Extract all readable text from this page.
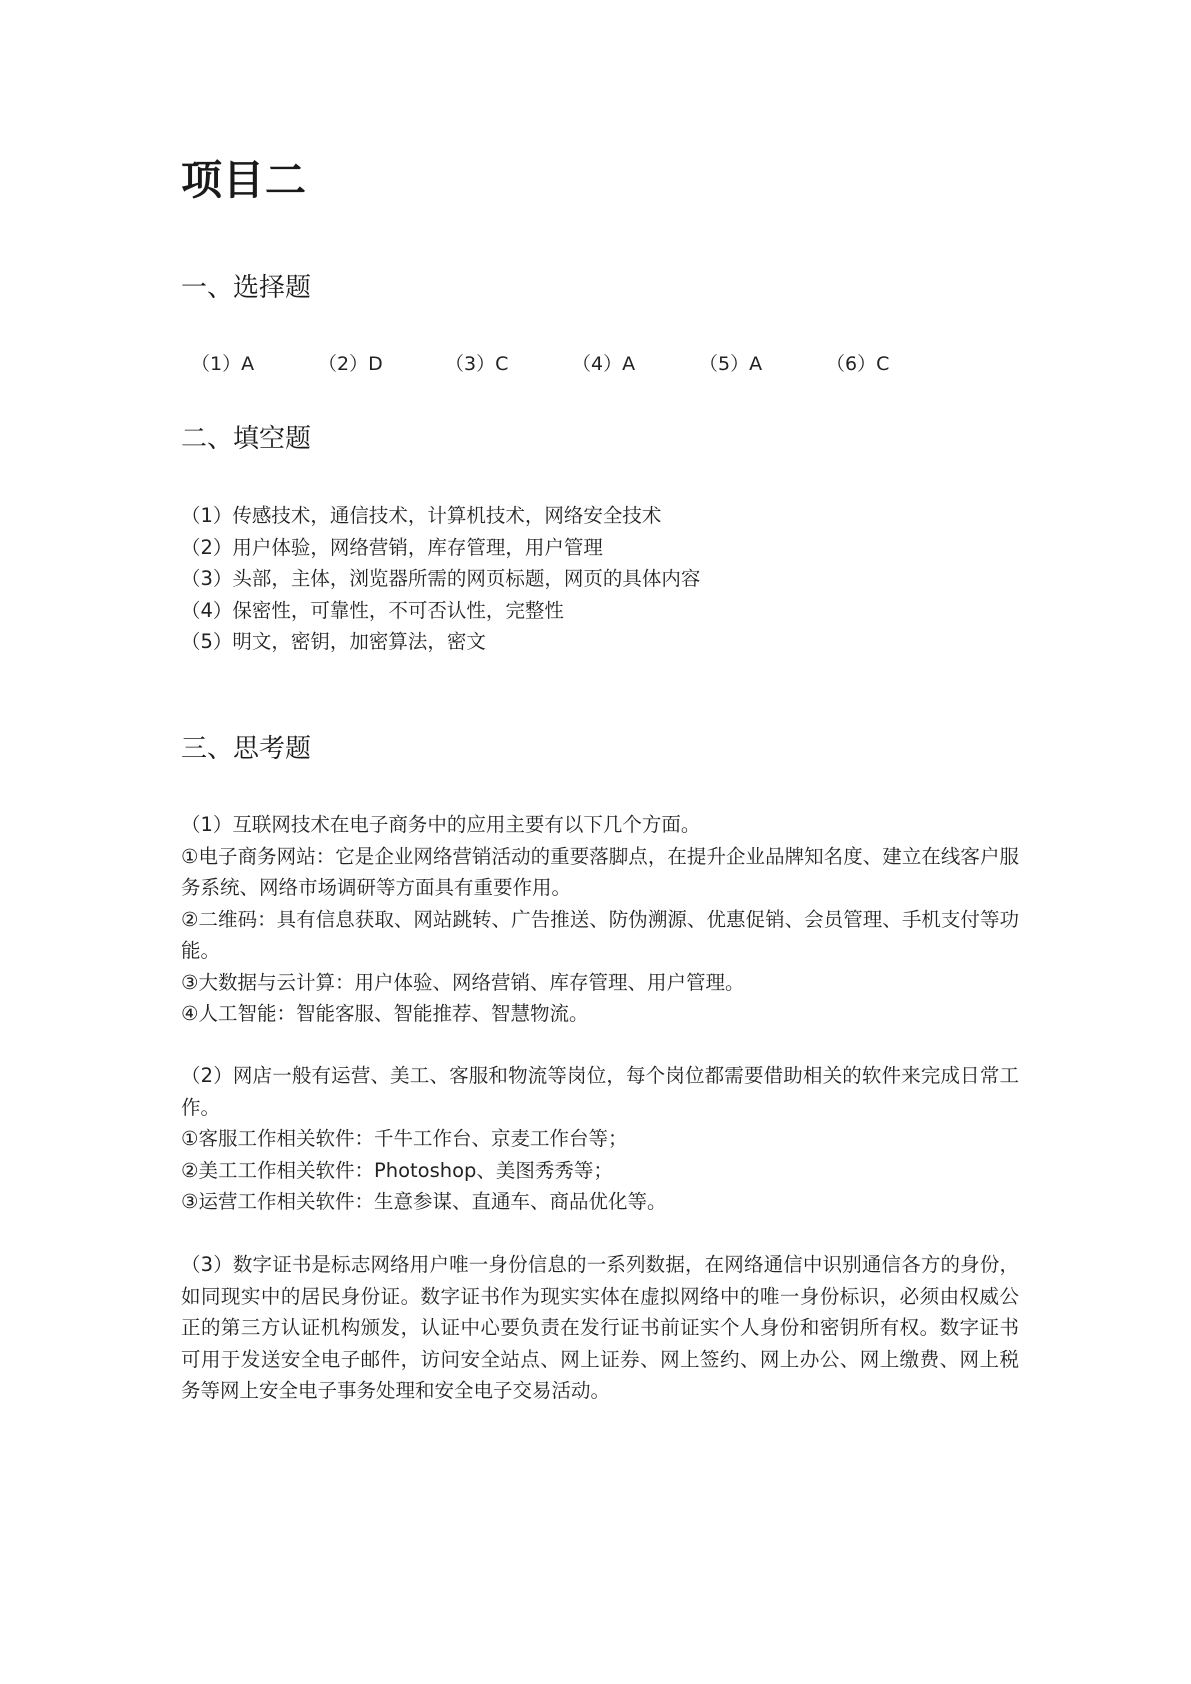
项目二
一、选择题
（1）A	（2）D	（3）C	（4）A	（5）A	（6）C
二、填空题
（1）传感技术，通信技术，计算机技术，网络安全技术
（2）用户体验，网络营销，库存管理，用户管理
（3）头部，主体，浏览器所需的网页标题，网页的具体内容
（4）保密性，可靠性，不可否认性，完整性
（5）明文，密钥，加密算法，密文
三、思考题

（1）互联网技术在电子商务中的应用主要有以下几个方面。

①电子商务网站：它是企业网络营销活动的重要落脚点，在提升企业品牌知名度、建立在线客户服务系统、网络市场调研等方面具有重要作用。

②二维码：具有信息获取、网站跳转、广告推送、防伪溯源、优惠促销、会员管理、手机支付等功能。

③大数据与云计算：用户体验、网络营销、库存管理、用户管理。

④人工智能：智能客服、智能推荐、智慧物流。

（2）网店一般有运营、美工、客服和物流等岗位，每个岗位都需要借助相关的软件来完成日常工作。

①客服工作相关软件：千牛工作台、京麦工作台等；

②美工工作相关软件：Photoshop、美图秀秀等；

③运营工作相关软件：生意参谋、直通车、商品优化等。

（3）数字证书是标志网络用户唯一身份信息的一系列数据，在网络通信中识别通信各方的身份，如同现实中的居民身份证。数字证书作为现实实体在虚拟网络中的唯一身份标识，必须由权威公正的第三方认证机构颁发，认证中心要负责在发行证书前证实个人身份和密钥所有权。数字证书可用于发送安全电子邮件，访问安全站点、网上证券、网上签约、网上办公、网上缴费、网上税务等网上安全电子事务处理和安全电子交易活动。
